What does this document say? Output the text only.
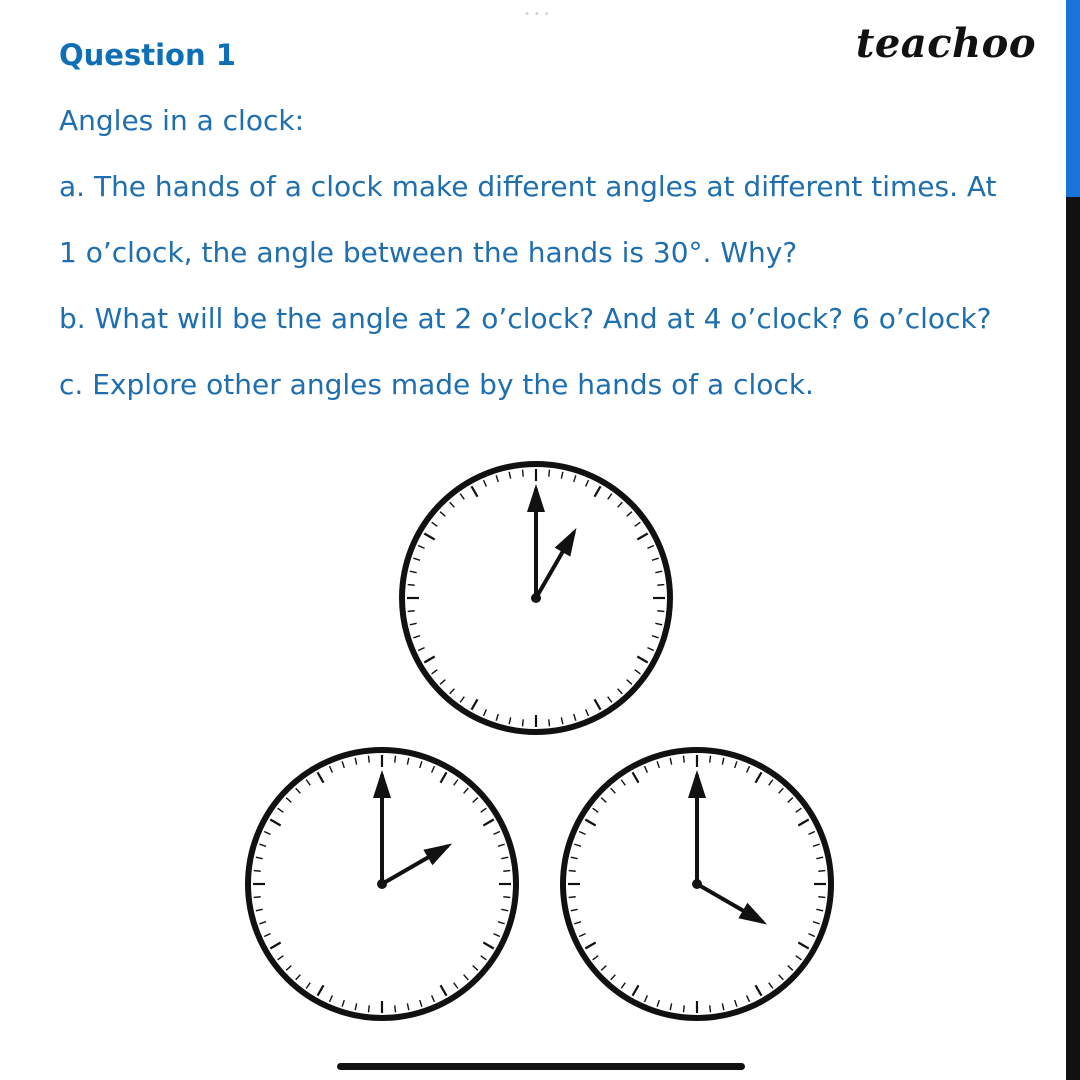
•••
Question 1	teachoo
Angles in a clock:
a. The hands of a clock make different angles at different times. At
1 o’clock, the angle between the hands is 30°. Why?
b. What will be the angle at 2 o’clock? And at 4 o’clock? 6 o’clock?
c. Explore other angles made by the hands of a clock.
